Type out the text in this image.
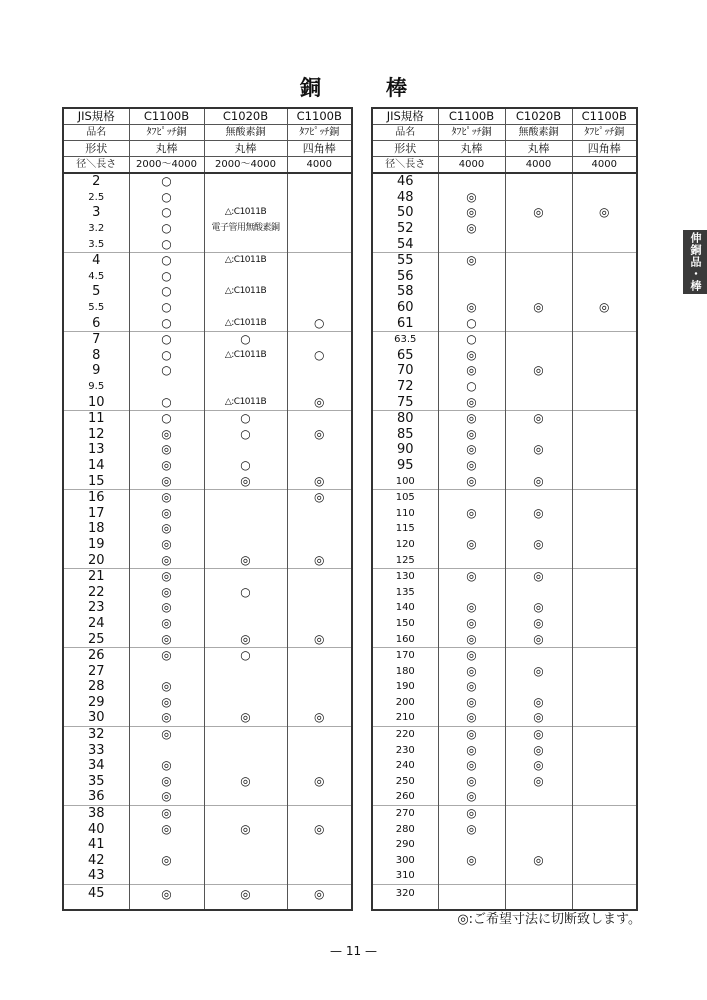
銅　棒
JIS規格	C1100B	C1020B	C1100B
品名	ﾀﾌﾋﾟｯﾁ銅	無酸素銅	ﾀﾌﾋﾟｯﾁ銅
形状	丸棒	丸棒	四角棒
径＼長さ	2000〜4000	2000〜4000	4000
2	○		
2.5	○		
3	○	△:C1011B	
3.2	○	電子管用無酸素銅	
3.5	○		
4	○	△:C1011B	
4.5	○		
5	○	△:C1011B	
5.5	○		
6	○	△:C1011B	○
7	○	○	
8	○	△:C1011B	○
9	○		
9.5			
10	○	△:C1011B	◎
11	○	○	
12	◎	○	◎
13	◎		
14	◎	○	
15	◎	◎	◎
16	◎		◎
17	◎		
18	◎		
19	◎		
20	◎	◎	◎
21	◎		
22	◎	○	
23	◎		
24	◎		
25	◎	◎	◎
26	◎	○	
27			
28	◎		
29	◎		
30	◎	◎	◎
32	◎		
33			
34	◎		
35	◎	◎	◎
36	◎		
38	◎		
40	◎	◎	◎
41			
42	◎		
43			
45	◎	◎	◎
JIS規格	C1100B	C1020B	C1100B
品名	ﾀﾌﾋﾟｯﾁ銅	無酸素銅	ﾀﾌﾋﾟｯﾁ銅
形状	丸棒	丸棒	四角棒
径＼長さ	4000	4000	4000
46			
48	◎		
50	◎	◎	◎
52	◎		
54			
55	◎		
56			
58			
60	◎	◎	◎
61	○		
63.5	○		
65	◎		
70	◎	◎	
72	○		
75	◎		
80	◎	◎	
85	◎		
90	◎	◎	
95	◎		
100	◎	◎	
105			
110	◎	◎	
115			
120	◎	◎	
125			
130	◎	◎	
135			
140	◎	◎	
150	◎	◎	
160	◎	◎	
170	◎		
180	◎	◎	
190	◎		
200	◎	◎	
210	◎	◎	
220	◎	◎	
230	◎	◎	
240	◎	◎	
250	◎	◎	
260	◎		
270	◎		
280	◎		
290			
300	◎	◎	
310			
320			
◎:ご希望寸法に切断致します。
— 11 —
伸銅品・棒
